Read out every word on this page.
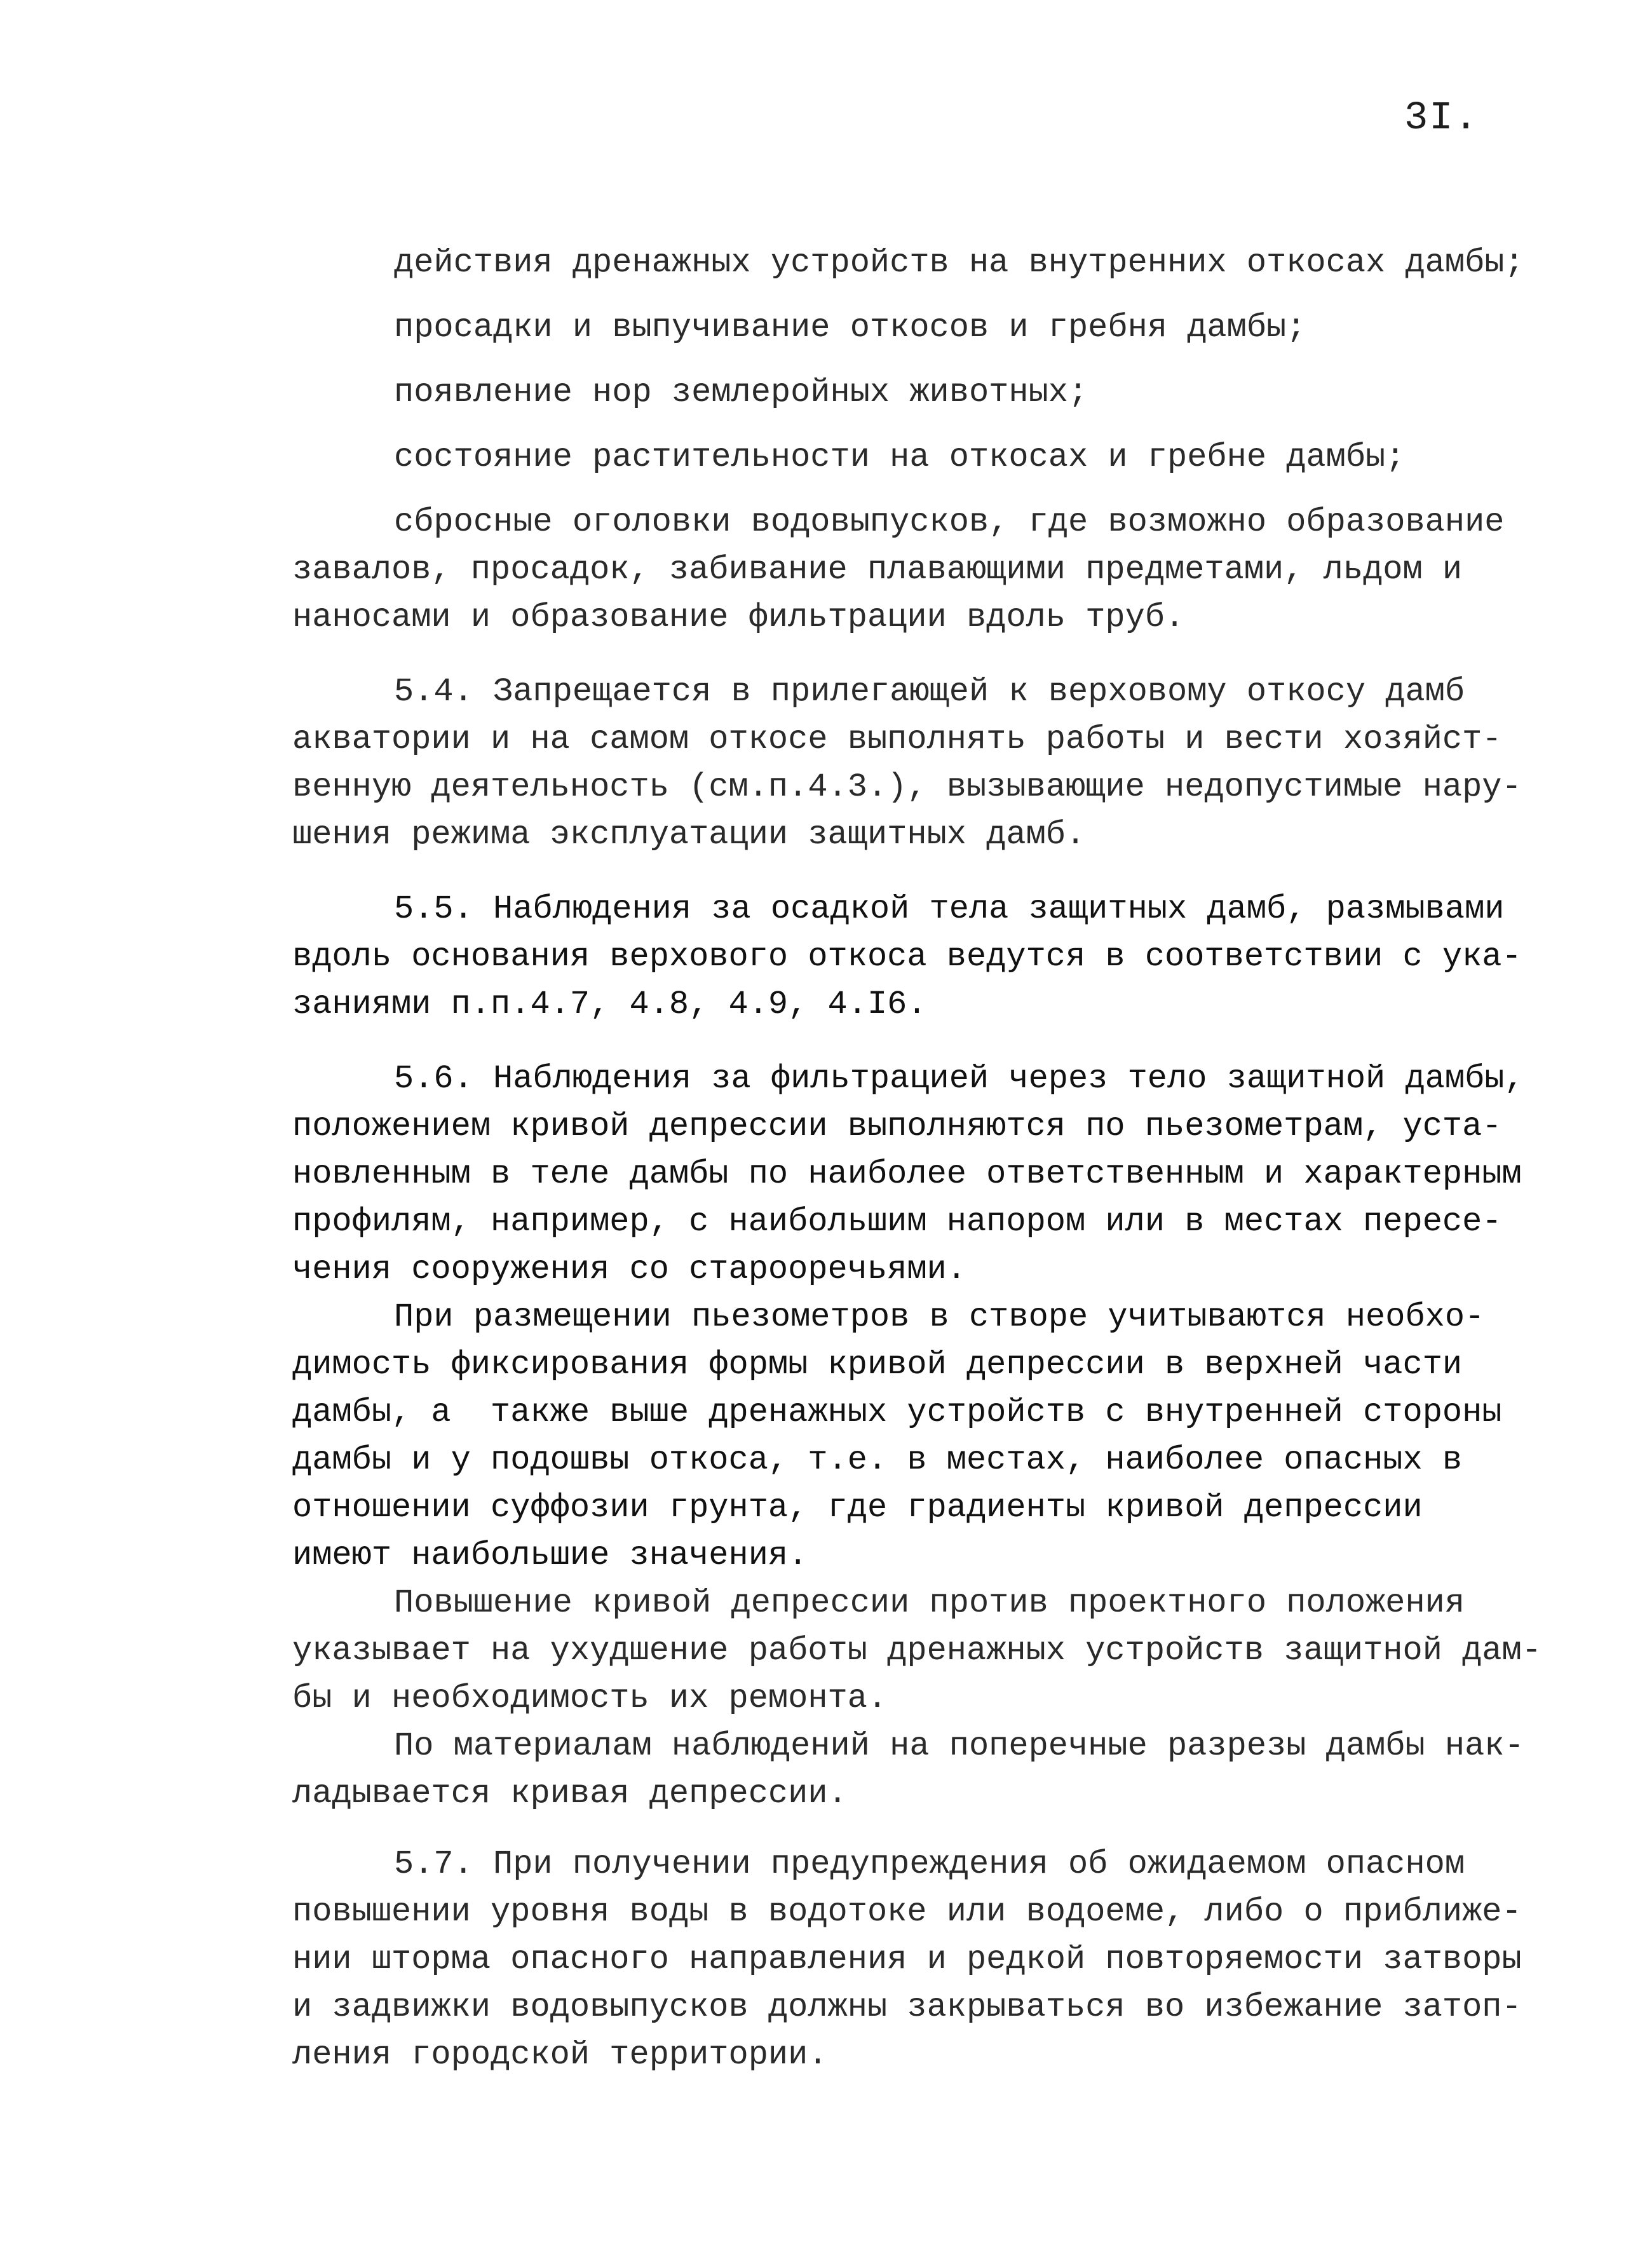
3I.
действия дренажных устройств на внутренних откосах дамбы;
просадки и выпучивание откосов и гребня дамбы;
появление нор землеройных животных;
состояние растительности на откосах и гребне дамбы;
сбросные оголовки водовыпусков, где возможно образование
завалов, просадок, забивание плавающими предметами, льдом и
наносами и образование фильтрации вдоль труб.
5.4. Запрещается в прилегающей к верховому откосу дамб
акватории и на самом откосе выполнять работы и вести хозяйст-
венную деятельность (см.п.4.3.), вызывающие недопустимые нару-
шения режима эксплуатации защитных дамб.
5.5. Наблюдения за осадкой тела защитных дамб, размывами
вдоль основания верхового откоса ведутся в соответствии с ука-
заниями п.п.4.7, 4.8, 4.9, 4.I6.
5.6. Наблюдения за фильтрацией через тело защитной дамбы,
положением кривой депрессии выполняются по пьезометрам, уста-
новленным в теле дамбы по наиболее ответственным и характерным
профилям, например, с наибольшим напором или в местах пересе-
чения сооружения со старооречьями.
При размещении пьезометров в створе учитываются необхо-
димость фиксирования формы кривой депрессии в верхней части
дамбы, а  также выше дренажных устройств с внутренней стороны
дамбы и у подошвы откоса, т.е. в местах, наиболее опасных в
отношении суффозии грунта, где градиенты кривой депрессии
имеют наибольшие значения.
Повышение кривой депрессии против проектного положения
указывает на ухудшение работы дренажных устройств защитной дам-
бы и необходимость их ремонта.
По материалам наблюдений на поперечные разрезы дамбы нак-
ладывается кривая депрессии.
5.7. При получении предупреждения об ожидаемом опасном
повышении уровня воды в водотоке или водоеме, либо о приближе-
нии шторма опасного направления и редкой повторяемости затворы
и задвижки водовыпусков должны закрываться во избежание затоп-
ления городской территории.
